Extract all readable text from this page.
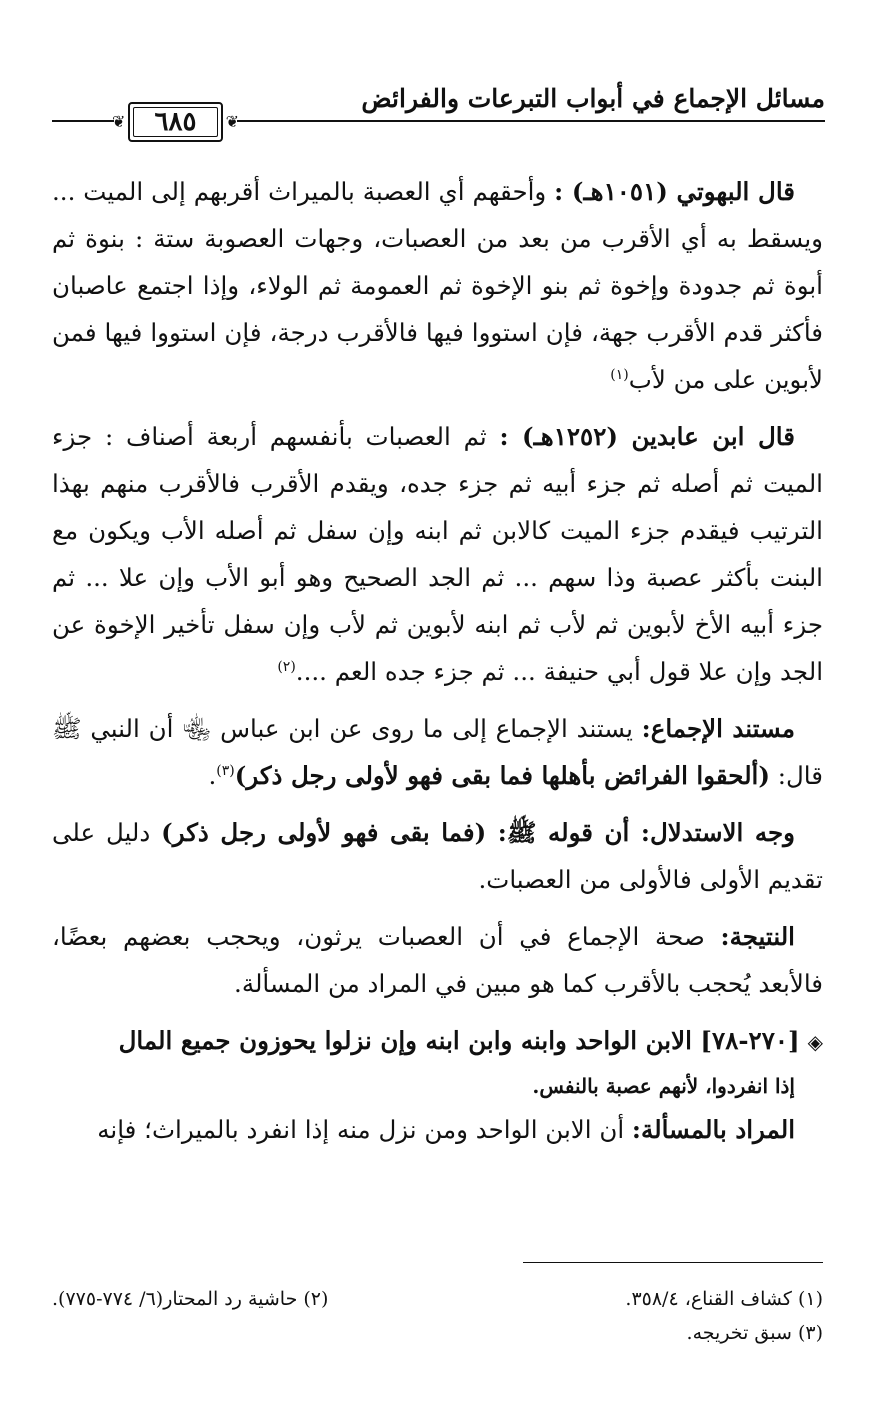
مسائل الإجماع في أبواب التبرعات والفرائض
❦ ٦٨٥ ❦

قال البهوتي (١٠٥١هـ) : وأحقهم أي العصبة بالميراث أقربهم إلى الميت ... ويسقط به أي الأقرب من بعد من العصبات، وجهات العصوبة ستة : بنوة ثم أبوة ثم جدودة وإخوة ثم بنو الإخوة ثم العمومة ثم الولاء، وإذا اجتمع عاصبان فأكثر قدم الأقرب جهة، فإن استووا فيها فالأقرب درجة، فإن استووا فيها فمن لأبوين على من لأب$^{(١)}$

قال ابن عابدين (١٢٥٢هـ) : ثم العصبات بأنفسهم أربعة أصناف : جزء الميت ثم أصله ثم جزء أبيه ثم جزء جده، ويقدم الأقرب فالأقرب منهم بهذا الترتيب فيقدم جزء الميت كالابن ثم ابنه وإن سفل ثم أصله الأب ويكون مع البنت بأكثر عصبة وذا سهم ... ثم الجد الصحيح وهو أبو الأب وإن علا ... ثم جزء أبيه الأخ لأبوين ثم لأب ثم ابنه لأبوين ثم لأب وإن سفل تأخير الإخوة عن الجد وإن علا قول أبي حنيفة ... ثم جزء جده العم ....$^{(٢)}$

مستند الإجماع: يستند الإجماع إلى ما روى عن ابن عباس ﵄ أن النبي ﷺ قال: (ألحقوا الفرائض بأهلها فما بقى فهو لأولى رجل ذكر)$^{(٣)}$.

وجه الاستدلال: أن قوله ﷺ: (فما بقى فهو لأولى رجل ذكر) دليل على تقديم الأولى فالأولى من العصبات.

النتيجة: صحة الإجماع في أن العصبات يرثون، ويحجب بعضهم بعضًا، فالأبعد يُحجب بالأقرب كما هو مبين في المراد من المسألة.

◈[٢٧٠-٧٨] الابن الواحد وابنه وابن ابنه وإن نزلوا يحوزون جميع المال

إذا انفردوا، لأنهم عصبة بالنفس.

المراد بالمسألة: أن الابن الواحد ومن نزل منه إذا انفرد بالميراث؛ فإنه

(١) كشاف القناع، ٣٥٨/٤.
(٢) حاشية رد المحتار(٦/ ٧٧٤-٧٧٥).
(٣) سبق تخريجه.
